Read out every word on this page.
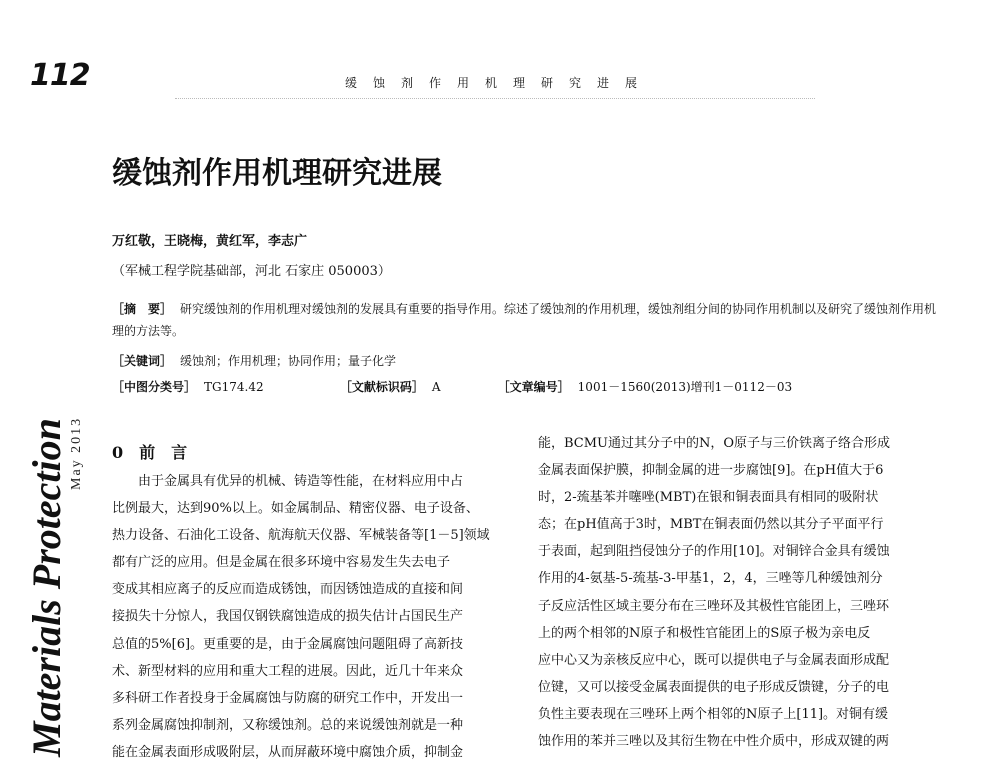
112	缓蚀剂作用机理研究进展
缓蚀剂作用机理研究进展
万红敬，王晓梅，黄红军，李志广
（军械工程学院基础部，河北 石家庄 050003）
［摘　要］ 研究缓蚀剂的作用机理对缓蚀剂的发展具有重要的指导作用。综述了缓蚀剂的作用机理，缓蚀剂组分间的协同作用机制以及研究了缓蚀剂作用机理的方法等。
［关键词］ 缓蚀剂；作用机理；协同作用；量子化学
［中图分类号］ TG174.42	［文献标识码］ A	［文章编号］ 1001－1560(2013)增刊1－0112－03
May 2013
Materials Protection	0　前　言
　　由于金属具有优异的机械、铸造等性能，在材料应用中占
比例最大，达到90%以上。如金属制品、精密仪器、电子设备、
热力设备、石油化工设备、航海航天仪器、军械装备等[1－5]领域
都有广泛的应用。但是金属在很多环境中容易发生失去电子
变成其相应离子的反应而造成锈蚀，而因锈蚀造成的直接和间
接损失十分惊人，我国仅钢铁腐蚀造成的损失估计占国民生产
总值的5%[6]。更重要的是，由于金属腐蚀问题阻碍了高新技
术、新型材料的应用和重大工程的进展。因此，近几十年来众
多科研工作者投身于金属腐蚀与防腐的研究工作中，开发出一
系列金属腐蚀抑制剂，又称缓蚀剂。总的来说缓蚀剂就是一种
能在金属表面形成吸附层，从而屏蔽环境中腐蚀介质，抑制金
能，BCMU通过其分子中的N，O原子与三价铁离子络合形成
金属表面保护膜，抑制金属的进一步腐蚀[9]。在pH值大于6
时，2-巯基苯并噻唑(MBT)在银和铜表面具有相同的吸附状
态；在pH值高于3时，MBT在铜表面仍然以其分子平面平行
于表面，起到阻挡侵蚀分子的作用[10]。对铜锌合金具有缓蚀
作用的4-氨基-5-巯基-3-甲基1，2，4，三唑等几种缓蚀剂分
子反应活性区域主要分布在三唑环及其极性官能团上，三唑环
上的两个相邻的N原子和极性官能团上的S原子极为亲电反
应中心又为亲核反应中心，既可以提供电子与金属表面形成配
位键，又可以接受金属表面提供的电子形成反馈键，分子的电
负性主要表现在三唑环上两个相邻的N原子上[11]。对铜有缓
蚀作用的苯并三唑以及其衍生物在中性介质中，形成双键的两
